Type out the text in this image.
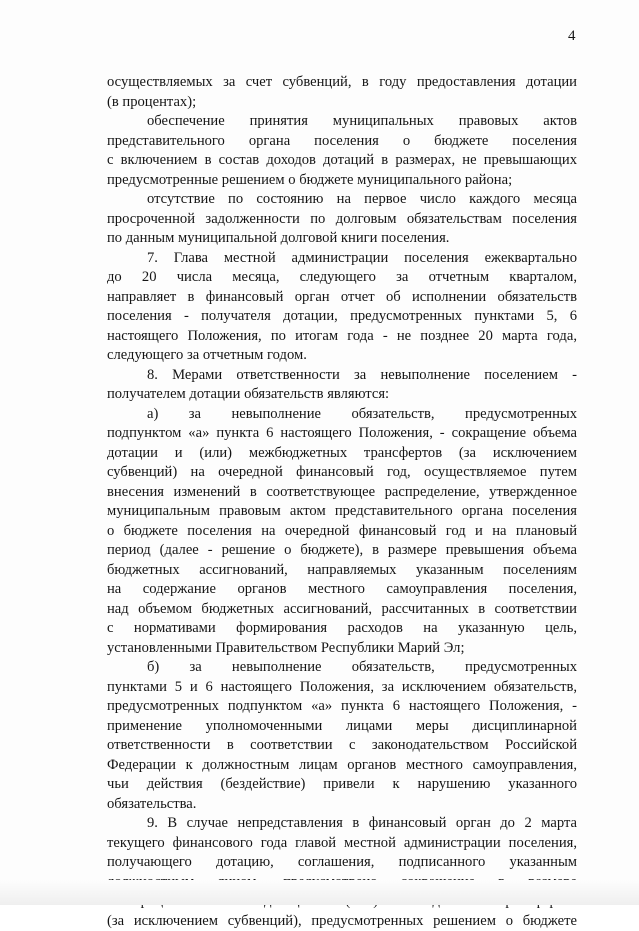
4
осуществляемых за счет субвенций, в году предоставления дотации
(в процентах);
обеспечение принятия муниципальных правовых актов
представительного органа поселения о бюджете поселения
с включением в состав доходов дотаций в размерах, не превышающих
предусмотренные решением о бюджете муниципального района;
отсутствие по состоянию на первое число каждого месяца
просроченной задолженности по долговым обязательствам поселения
по данным муниципальной долговой книги поселения.
7. Глава местной администрации поселения ежеквартально
до 20 числа месяца, следующего за отчетным кварталом,
направляет в финансовый орган отчет об исполнении обязательств
поселения - получателя дотации, предусмотренных пунктами 5, 6
настоящего Положения, по итогам года - не позднее 20 марта года,
следующего за отчетным годом.
8. Мерами ответственности за невыполнение поселением -
получателем дотации обязательств являются:
а) за невыполнение обязательств, предусмотренных
подпунктом «а» пункта 6 настоящего Положения, - сокращение объема
дотации и (или) межбюджетных трансфертов (за исключением
субвенций) на очередной финансовый год, осуществляемое путем
внесения изменений в соответствующее распределение, утвержденное
муниципальным правовым актом представительного органа поселения
о бюджете поселения на очередной финансовый год и на плановый
период (далее - решение о бюджете), в размере превышения объема
бюджетных ассигнований, направляемых указанным поселениям
на содержание органов местного самоуправления поселения,
над объемом бюджетных ассигнований, рассчитанных в соответствии
с нормативами формирования расходов на указанную цель,
установленными Правительством Республики Марий Эл;
б) за невыполнение обязательств, предусмотренных
пунктами 5 и 6 настоящего Положения, за исключением обязательств,
предусмотренных подпунктом «а» пункта 6 настоящего Положения, -
применение уполномоченными лицами меры дисциплинарной
ответственности в соответствии с законодательством Российской
Федерации к должностным лицам органов местного самоуправления,
чьи действия (бездействие) привели к нарушению указанного
обязательства.
9. В случае непредставления в финансовый орган до 2 марта
текущего финансового года главой местной администрации поселения,
получающего дотацию, соглашения, подписанного указанным
(за исключением субвенций), предусмотренных решением о бюджете
